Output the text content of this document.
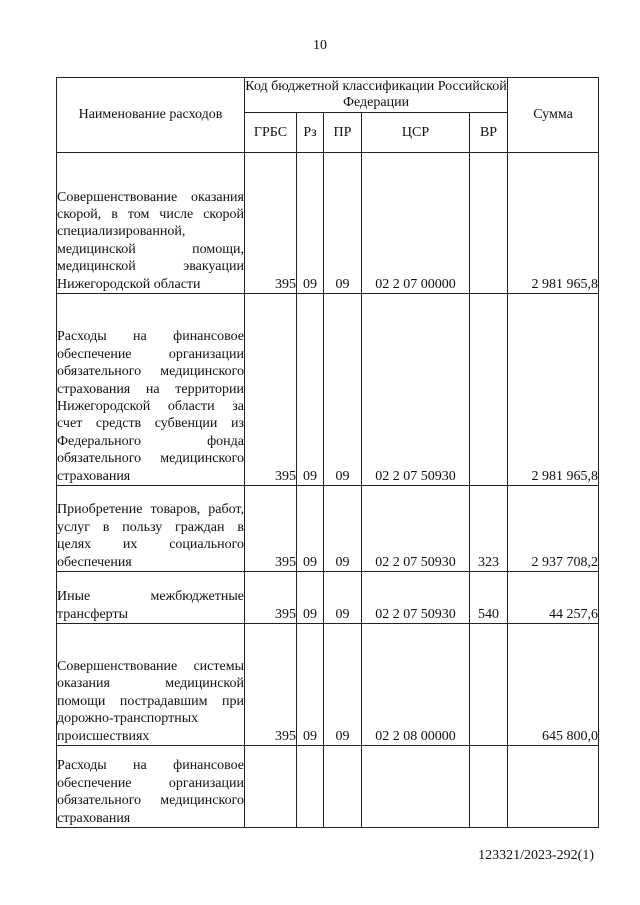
10
Наименование расходов	Код бюджетной классификации Российской Федерации					Сумма
	ГРБС	Рз	ПР	ЦСР	ВР	
Совершенствование оказания скорой, в том числе скорой специализированной, медицинской помощи, медицинской эвакуации Нижегородской области	395	09	09	02 2 07 00000		2 981 965,8
Расходы на финансовое обеспечение организации обязательного медицинского страхования на территории Нижегородской области за счет средств субвенции из Федерального фонда обязательного медицинского страхования	395	09	09	02 2 07 50930		2 981 965,8
Приобретение товаров, работ, услуг в пользу граждан в целях их социального обеспечения	395	09	09	02 2 07 50930	323	2 937 708,2
Иные межбюджетные трансферты	395	09	09	02 2 07 50930	540	44 257,6
Совершенствование системы оказания медицинской помощи пострадавшим при дорожно-транспортных происшествиях	395	09	09	02 2 08 00000		645 800,0
Расходы на финансовое обеспечение организации обязательного медицинского страхования						
123321/2023-292(1)
